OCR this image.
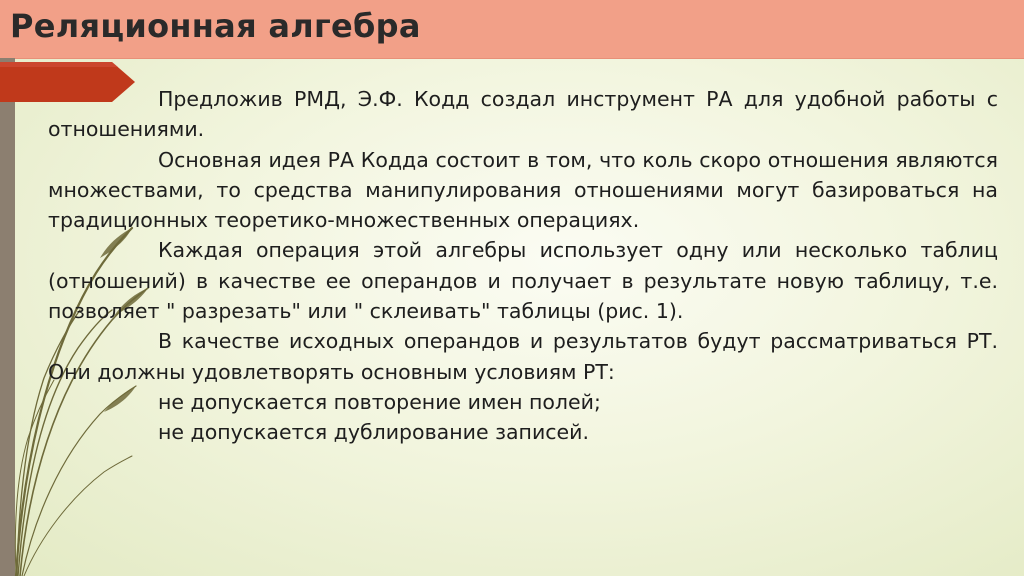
Реляционная алгебра

Предложив РМД, Э.Ф. Кодд создал инструмент РА для удобной работы с отношениями.

Основная идея РА Кодда состоит в том, что коль скоро отношения являются множествами, то средства манипулирования отношениями могут базироваться на традиционных теоретико-множественных операциях.

Каждая операция этой алгебры использует одну или несколько таблиц (отношений) в качестве ее операндов и получает в результате новую таблицу, т.е. позволяет " разрезать" или " склеивать" таблицы (рис. 1).

В качестве исходных операндов и результатов будут рассматриваться РТ. Они должны удовлетворять основным условиям РТ:

не допускается повторение имен полей;

не допускается дублирование записей.
